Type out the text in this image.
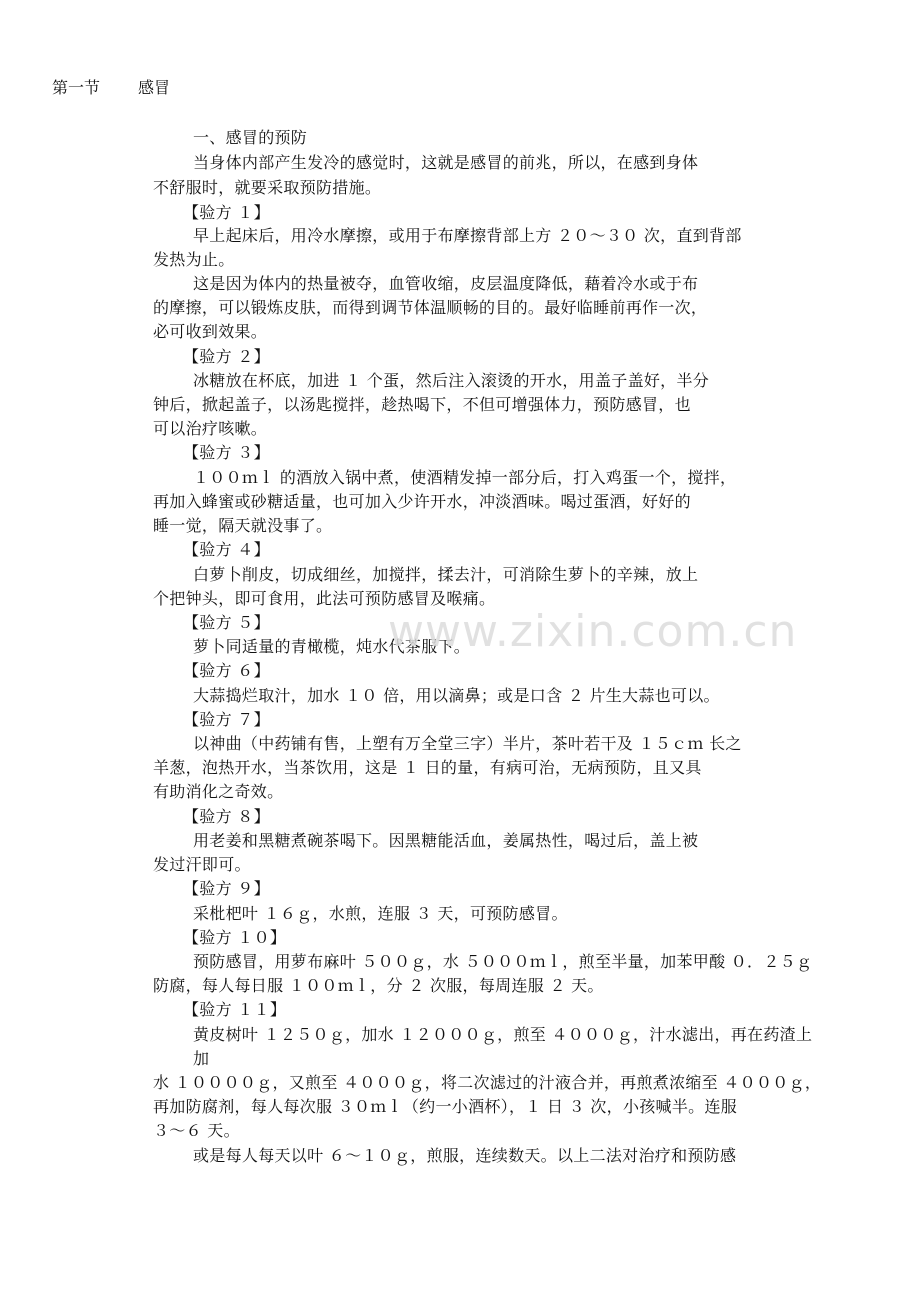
第一节 感冒
一、感冒的预防
当身体内部产生发冷的感觉时，这就是感冒的前兆，所以，在感到身体
不舒服时，就要采取预防措施。
【验方 １】
早上起床后，用冷水摩擦，或用于布摩擦背部上方 ２０～３０ 次，直到背部
发热为止。
这是因为体内的热量被夺，血管收缩，皮层温度降低，藉着冷水或于布
的摩擦，可以锻炼皮肤，而得到调节体温顺畅的目的。最好临睡前再作一次，
必可收到效果。
【验方 ２】
冰糖放在杯底，加进 １ 个蛋，然后注入滚烫的开水，用盖子盖好，半分
钟后，掀起盖子，以汤匙搅拌，趁热喝下，不但可增强体力，预防感冒，也
可以治疗咳嗽。
【验方 ３】
１００ｍｌ 的酒放入锅中煮，使酒精发掉一部分后，打入鸡蛋一个，搅拌，
再加入蜂蜜或砂糖适量，也可加入少许开水，冲淡酒味。喝过蛋酒，好好的
睡一觉，隔天就没事了。
【验方 ４】
白萝卜削皮，切成细丝，加搅拌，揉去汁，可消除生萝卜的辛辣，放上
个把钟头，即可食用，此法可预防感冒及喉痛。
【验方 ５】
萝卜同适量的青橄榄，炖水代茶服下。
【验方 ６】
大蒜捣烂取汁，加水 １０ 倍，用以滴鼻；或是口含 ２ 片生大蒜也可以。
【验方 ７】
以神曲（中药铺有售，上塑有万全堂三字）半片，茶叶若干及 １５ｃｍ 长之
羊葱，泡热开水，当茶饮用，这是 １ 日的量，有病可治，无病预防，且又具
有助消化之奇效。
【验方 ８】
用老姜和黑糖煮碗茶喝下。因黑糖能活血，姜属热性，喝过后，盖上被
发过汗即可。
【验方 ９】
采枇杷叶 １６ｇ，水煎，连服 ３ 天，可预防感冒。
【验方 １０】
预防感冒，用萝布麻叶 ５００ｇ，水 ５０００ｍｌ，煎至半量，加苯甲酸 ０．２５ｇ
防腐，每人每日服 １００ｍｌ，分 ２ 次服，每周连服 ２ 天。
【验方 １１】
黄皮树叶 １２５０ｇ，加水 １２０００ｇ，煎至 ４０００ｇ，汁水滤出，再在药渣上
加
水 １００００ｇ，又煎至 ４０００ｇ，将二次滤过的汁液合并，再煎煮浓缩至 ４０００ｇ，
再加防腐剂，每人每次服 ３０ｍｌ（约一小酒杯），１ 日 ３ 次，小孩喊半。连服
３～６ 天。
或是每人每天以叶 ６～１０ｇ，煎服，连续数天。以上二法对治疗和预防感
www.zixin.com.cn
